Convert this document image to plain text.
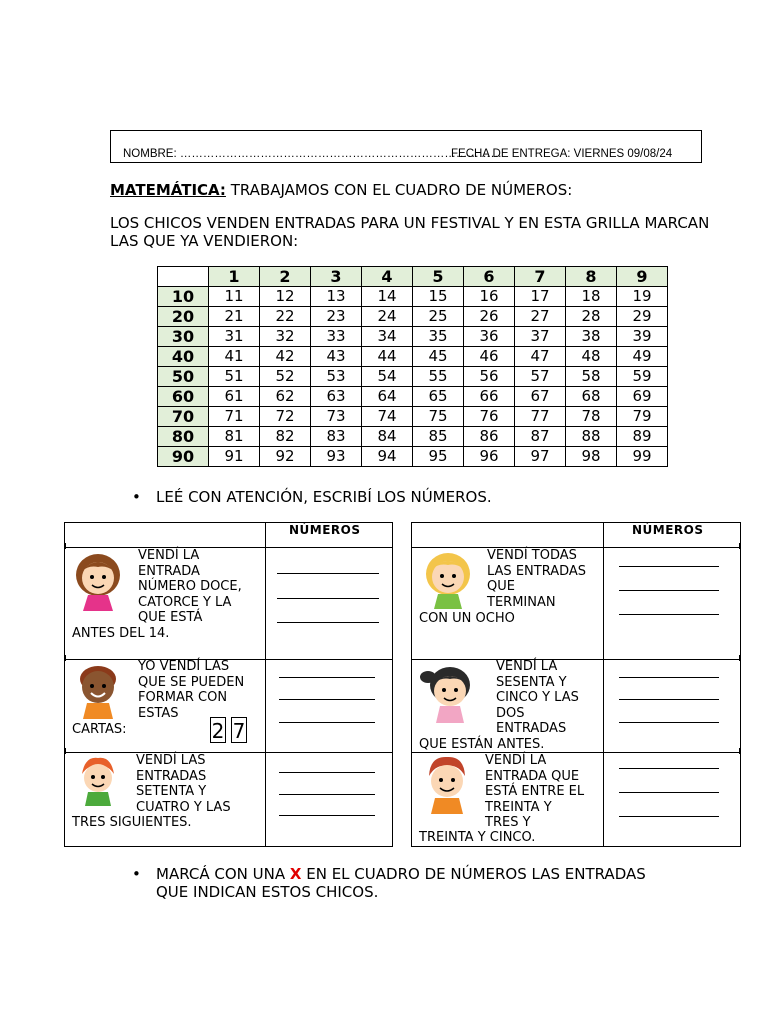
NOMBRE: …………………………………………………………………………
FECHA DE ENTREGA: VIERNES 09/08/24
MATEMÁTICA: TRABAJAMOS CON EL CUADRO DE NÚMEROS:
LOS CHICOS VENDEN ENTRADAS PARA UN FESTIVAL Y EN ESTA GRILLA MARCAN LAS QUE YA VENDIERON:
	1	2	3	4	5	6	7	8	9
10	11	12	13	14	15	16	17	18	19
20	21	22	23	24	25	26	27	28	29
30	31	32	33	34	35	36	37	38	39
40	41	42	43	44	45	46	47	48	49
50	51	52	53	54	55	56	57	58	59
60	61	62	63	64	65	66	67	68	69
70	71	72	73	74	75	76	77	78	79
80	81	82	83	84	85	86	87	88	89
90	91	92	93	94	95	96	97	98	99
• LEÉ CON ATENCIÓN, ESCRIBÍ LOS NÚMEROS.
NÚMEROS
VENDÍ LA
ENTRADA
NÚMERO DOCE,
CATORCE Y LA
QUE ESTÁ
ANTES DEL 14.
YO VENDÍ LAS
QUE SE PUEDEN
FORMAR CON
ESTAS
CARTAS:	2 7
VENDÍ LAS
ENTRADAS
SETENTA Y
CUATRO Y LAS
TRES SIGUIENTES.
NÚMEROS
VENDÍ TODAS
LAS ENTRADAS
QUE
TERMINAN
CON UN OCHO
VENDÍ LA
SESENTA Y
CINCO Y LAS
DOS
ENTRADAS
QUE ESTÁN ANTES.
VENDÍ LA
ENTRADA QUE
ESTÁ ENTRE EL
TREINTA Y
TRES Y
TREINTA Y CINCO.
• MARCÁ CON UNA X EN EL CUADRO DE NÚMEROS LAS ENTRADAS
QUE INDICAN ESTOS CHICOS.
